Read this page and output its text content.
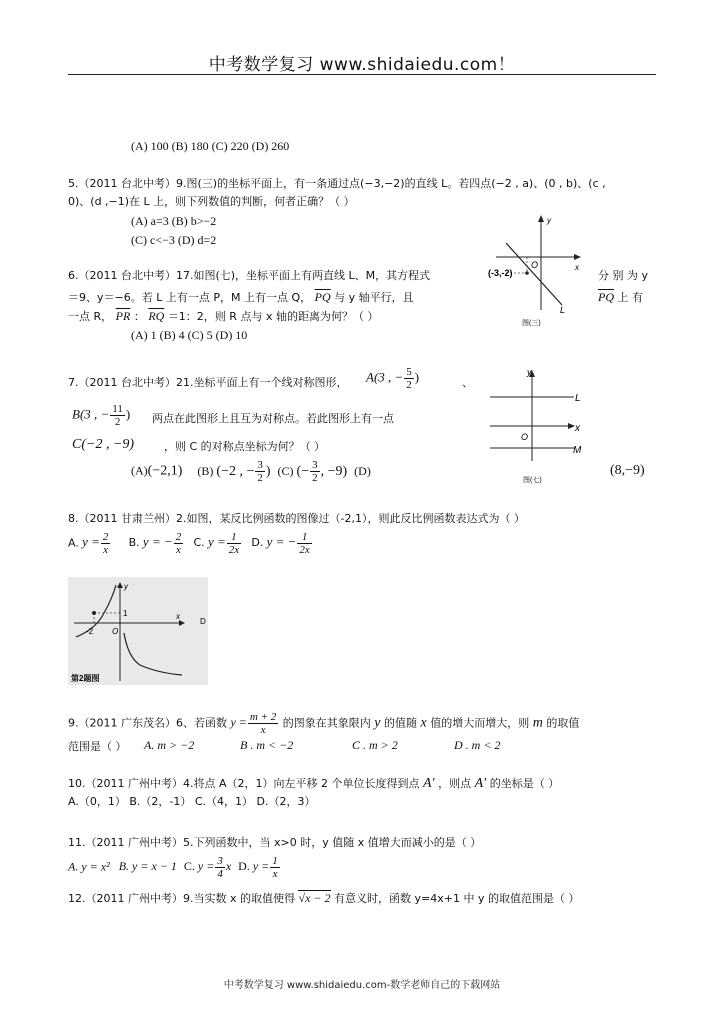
中考数学复习 www.shidaiedu.com！
(A) 100 (B) 180 (C) 220 (D) 260
5.（2011 台北中考）9.图(三)的坐标平面上，有一条通过点(−3,−2)的直线 L。若四点(−2 , a)、(0 , b)、(c ,
0)、(d ,−1)在 L 上，则下列数值的判断，何者正确？（ ）
(A) a=3 (B) b>−2
(C) c<−3 (D) d=2
y
O	x
(-3,-2)
L
图(三)
6.（2011 台北中考）17.如图(七)，坐标平面上有两直线 L、M，其方程式	分 别 为 y
＝9、y＝−6。若 L 上有一点 P，M 上有一点 Q， $\overline{PQ}$ 与 y 轴平行，且	$\overline{PQ}$ 上 有
一点 R， $\overline{PR}$ ： $\overline{RQ} =1$：2，则 R 点与 x 轴的距离为何？（ ）
(A) 1 (B) 4 (C) 5 (D) 10
7.（2011 台北中考）21.坐标平面上有一个线对称图形， A(3 , − $\frac{5}{2}$ )	、
B(3 , − $\frac{11}{2}$ ) 两点在此图形上且互为对称点。若此图形上有一点
C(−2 , −9)	，则 C 的对称点坐标为何？（ ）
(A)(−2,1) (B) (−2 , − $\frac{3}{2}$ ) (C) (− $\frac{3}{2}$ , −9) (D)	(8,−9)
y
L
x
O
M
图(七)
8.（2011 甘肃兰州）2.如图，某反比例函数的图像过（-2,1），则此反比例函数表达式为（ ）
A. $y = \frac{2}{x} B$. y = − $\frac{2}{x} C$. $y = \frac{1}{2x} D$. y = − $\frac{1}{2x}$
y
x
O
1
-2
第2题图
D
9.（2011 广东茂名）6、若函数 $y = \frac{m + 2}{x}$ 的图象在其象限内 y 的值随 x 值的增大而增大，则 m 的取值
范围是（ ） A. m > −2	B . m < −2	C . m > 2	D . m < 2
10.（2011 广州中考）4.将点 A（2，1）向左平移 2 个单位长度得到点 A′ ，则点 A′ 的坐标是（ ）
A.（0，1） B.（2，-1） C.（4，1） D.（2，3）
11.（2011 广州中考）5.下列函数中，当 x>0 时，y 值随 x 值增大而减小的是（ ）
A. y = x² B. y = x − 1 C. $y = \frac{3}{4}$ x D. $y = \frac{1}{x}$
12.（2011 广州中考）9.当实数 x 的取值使得 √x − 2 有意义时，函数 y=4x+1 中 y 的取值范围是（ ）
中考数学复习 www.shidaiedu.com-数学老师自己的下载网站
